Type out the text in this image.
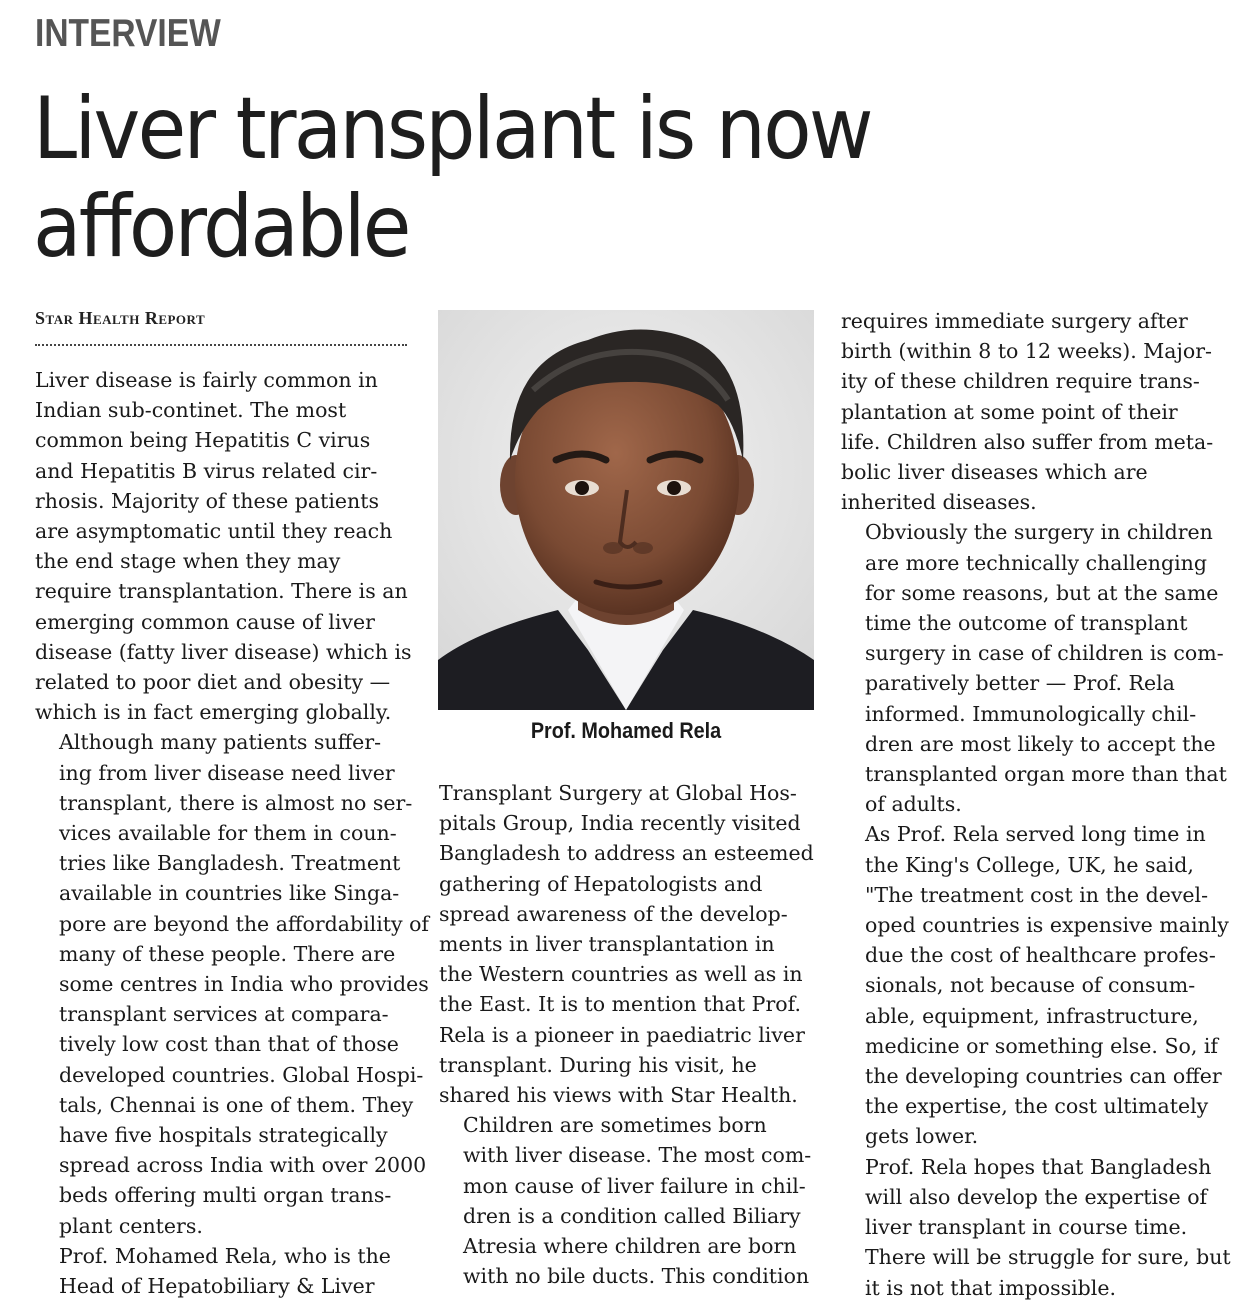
INTERVIEW
Liver transplant is now
affordable
Star Health Report

Liver disease is fairly common in
Indian sub-continet. The most
common being Hepatitis C virus
and Hepatitis B virus related cir-
rhosis. Majority of these patients
are asymptomatic until they reach
the end stage when they may
require transplantation. There is an
emerging common cause of liver
disease (fatty liver disease) which is
related to poor diet and obesity —
which is in fact emerging globally.

Although many patients suffer-
ing from liver disease need liver
transplant, there is almost no ser-
vices available for them in coun-
tries like Bangladesh. Treatment
available in countries like Singa-
pore are beyond the affordability of
many of these people. There are
some centres in India who provides
transplant services at compara-
tively low cost than that of those
developed countries. Global Hospi-
tals, Chennai is one of them. They
have five hospitals strategically
spread across India with over 2000
beds offering multi organ trans-
plant centers.

Prof. Mohamed Rela, who is the
Head of Hepatobiliary & Liver

Prof. Mohamed Rela

Transplant Surgery at Global Hos-
pitals Group, India recently visited
Bangladesh to address an esteemed
gathering of Hepatologists and
spread awareness of the develop-
ments in liver transplantation in
the Western countries as well as in
the East. It is to mention that Prof.
Rela is a pioneer in paediatric liver
transplant. During his visit, he
shared his views with Star Health.

Children are sometimes born
with liver disease. The most com-
mon cause of liver failure in chil-
dren is a condition called Biliary
Atresia where children are born
with no bile ducts. This condition

requires immediate surgery after
birth (within 8 to 12 weeks). Major-
ity of these children require trans-
plantation at some point of their
life. Children also suffer from meta-
bolic liver diseases which are
inherited diseases.

Obviously the surgery in children
are more technically challenging
for some reasons, but at the same
time the outcome of transplant
surgery in case of children is com-
paratively better — Prof. Rela
informed. Immunologically chil-
dren are most likely to accept the
transplanted organ more than that
of adults.

As Prof. Rela served long time in
the King's College, UK, he said,
"The treatment cost in the devel-
oped countries is expensive mainly
due the cost of healthcare profes-
sionals, not because of consum-
able, equipment, infrastructure,
medicine or something else. So, if
the developing countries can offer
the expertise, the cost ultimately
gets lower.

Prof. Rela hopes that Bangladesh
will also develop the expertise of
liver transplant in course time.
There will be struggle for sure, but
it is not that impossible.
